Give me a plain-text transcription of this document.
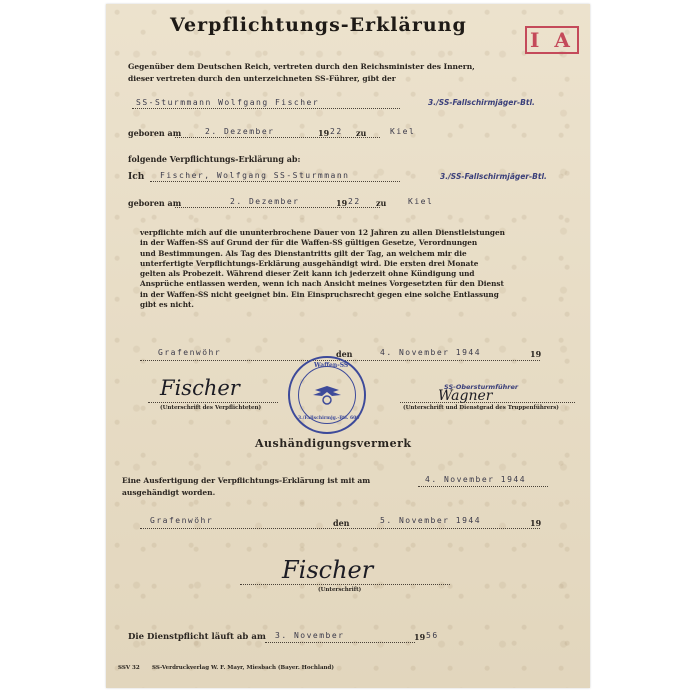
Verpflichtungs-Erklärung
I A
Gegenüber dem Deutschen Reich, vertreten durch den Reichsminister des Innern,
dieser vertreten durch den unterzeichneten SS-Führer, gibt der
SS-Sturmmann Wolfgang Fischer	3./SS-Fallschirmjäger-Btl.
geboren am	2. Dezember	19 22 zu	Kiel
folgende Verpflichtungs-Erklärung ab:
Ich Fischer, Wolfgang SS-Sturmmann	3./SS-Fallschirmjäger-Btl.
geboren am	2. Dezember	19 22 zu	Kiel
verpflichte mich auf die ununterbrochene Dauer von 12 Jahren zu allen Dienstleistungen
in der Waffen-SS auf Grund der für die Waffen-SS gültigen Gesetze, Verordnungen
und Bestimmungen. Als Tag des Dienstantritts gilt der Tag, an welchem mir die
unterfertigte Verpflichtungs-Erklärung ausgehändigt wird. Die ersten drei Monate
gelten als Probezeit. Während dieser Zeit kann ich jederzeit ohne Kündigung und
Ansprüche entlassen werden, wenn ich nach Ansicht meines Vorgesetzten für den Dienst
in der Waffen-SS nicht geeignet bin. Ein Einspruchsrecht gegen eine solche Entlassung
gibt es nicht.
Grafenwöhr	den	4. November 1944	19
Waffen-SS
3./Fallschirmjg.-Btl. 600
Fischer
(Unterschrift des Verpflichteten)
SS-Obersturmführer
Wagner
(Unterschrift und Dienstgrad des Truppenführers)
Aushändigungsvermerk
Eine Ausfertigung der Verpflichtungs-Erklärung ist mit am	4. November 1944
ausgehändigt worden.
Grafenwöhr	den	5. November 1944	19
Fischer
(Unterschrift)
Die Dienstpflicht läuft ab am 3. November	19 56
SSV 32 SS-Verdruckverlag W. F. Mayr, Miesbach (Bayer. Hochland)
